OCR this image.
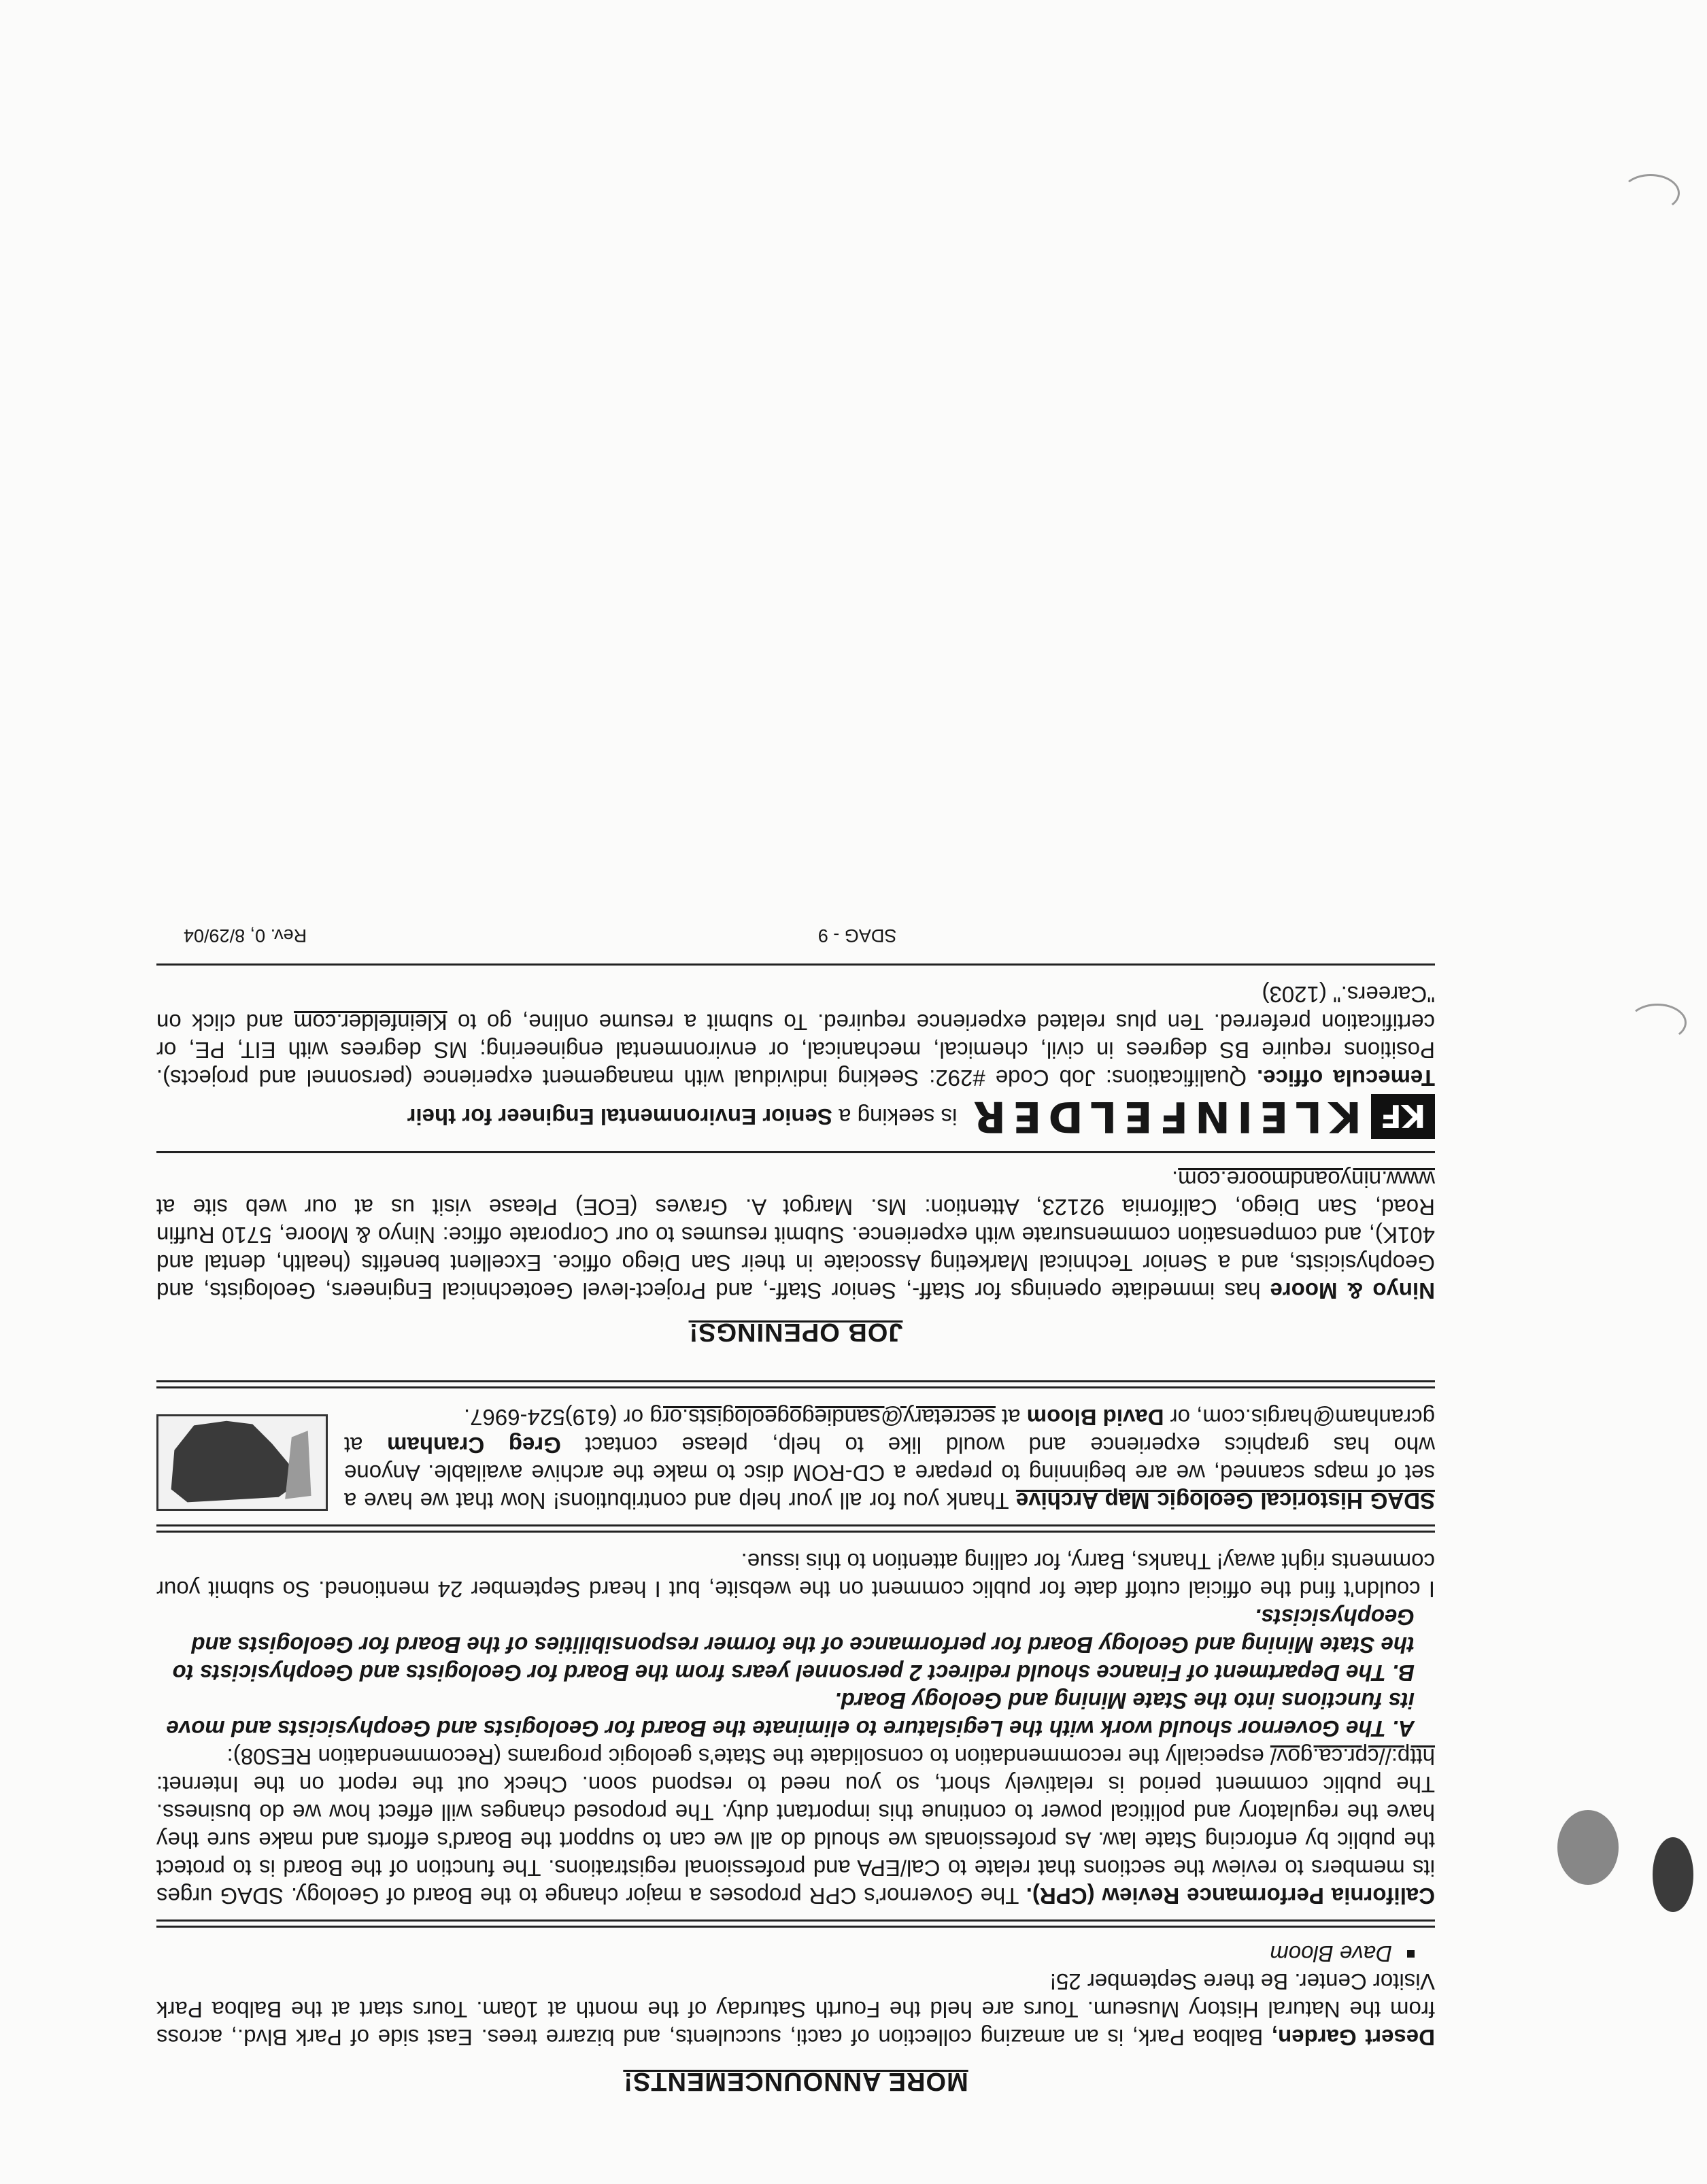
MORE ANNOUNCEMENTS!

Desert Garden, Balboa Park, is an amazing collection of cacti, succulents, and bizarre trees. East side of Park Blvd., across from the Natural History Museum. Tours are held the Fourth Saturday of the month at 10am. Tours start at the Balboa Park Visitor Center. Be there September 25!

Dave Bloom

California Performance Review (CPR). The Governor's CPR proposes a major change to the Board of Geology. SDAG urges its members to review the sections that relate to Cal/EPA and professional registrations. The function of the Board is to protect the public by enforcing State law. As professionals we should do all we can to support the Board's efforts and make sure they have the regulatory and political power to continue this important duty. The proposed changes will effect how we do business. The public comment period is relatively short, so you need to respond soon. Check out the report on the Internet: http://cpr.ca.gov/ especially the recommendation to consolidate the State's geologic programs (Recommendation RES08):

A. The Governor should work with the Legislature to eliminate the Board for Geologists and Geophysicists and move its functions into the State Mining and Geology Board.
B. The Department of Finance should redirect 2 personnel years from the Board for Geologists and Geophysicists to the State Mining and Geology Board for performance of the former responsibilities of the Board for Geologists and Geophysicists.

I couldn't find the official cutoff date for public comment on the website, but I heard September 24 mentioned. So submit your comments right away! Thanks, Barry, for calling attention to this issue.

SDAG Historical Geologic Map Archive Thank you for all your help and contributions! Now that we have a set of maps scanned, we are beginning to prepare a CD-ROM disc to make the archive available. Anyone who has graphics experience and would like to help, please contact Greg Cranham at gcranham@hargis.com, or David Bloom at secretary@sandiegogeologists.org or (619)524-6967.

JOB OPENINGS!

Ninyo & Moore has immediate openings for Staff-, Senior Staff-, and Project-level Geotechnical Engineers, Geologists, and Geophysicists, and a Senior Technical Marketing Associate in their San Diego office. Excellent benefits (health, dental and 401K), and compensation commensurate with experience. Submit resumes to our Corporate office: Ninyo & Moore, 5710 Ruffin Road, San Diego, California 92123, Attention: Ms. Margot A. Graves (EOE) Please visit us at our web site at www.ninyoandmoore.com.

KF
KLEINFELDER
is seeking a Senior Environmental Engineer for their

Temecula office. Qualifications: Job Code #292: Seeking individual with management experience (personnel and projects). Positions require BS degrees in civil, chemical, mechanical, or environmental engineering; MS degrees with EIT, PE, or certification preferred. Ten plus related experience required. To submit a resume online, go to Kleinfelder.com and click on "Careers." (1203)

SDAG - 9
Rev. 0, 8/29/04
